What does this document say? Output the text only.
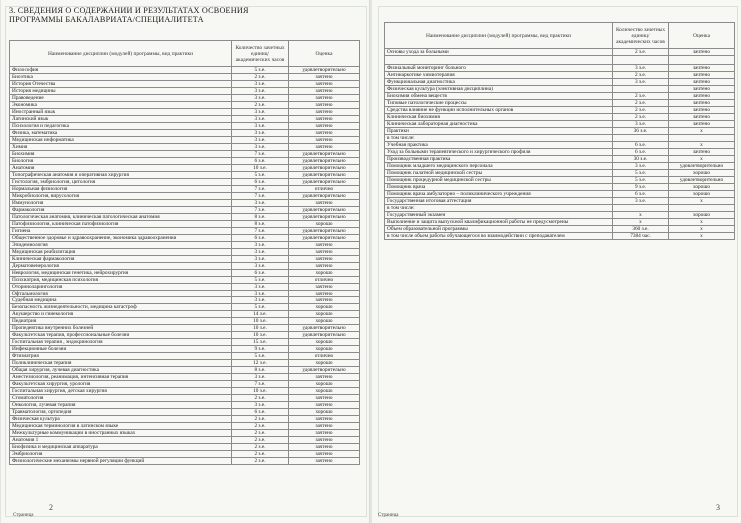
3. СВЕДЕНИЯ О СОДЕРЖАНИИ И РЕЗУЛЬТАТАХ ОСВОЕНИЯ
ПРОГРАММЫ БАКАЛАВРИАТА/СПЕЦИАЛИТЕТА
Наименование дисциплин (модулей) программы, вид практики	Количество зачетных единиц/ академических часов	Оценка
Философия	5 з.е.	удовлетворительно
Биоэтика	2 з.е.	зачтено
История Отечества	3 з.е.	зачтено
История медицины	3 з.е.	зачтено
Правоведение	3 з.е.	зачтено
Экономика	2 з.е.	зачтено
Иностранный язык	3 з.е.	зачтено
Латинский язык	3 з.е.	зачтено
Психология и педагогика	3 з.е.	зачтено
Физика, математика	3 з.е.	зачтено
Медицинская информатика	3 з.е.	зачтено
Химия	3 з.е.	зачтено
Биохимия	7 з.е.	удовлетворительно
Биология	6 з.е.	удовлетворительно
Анатомия	10 з.е.	удовлетворительно
Топографическая анатомия и оперативная хирургия	5 з.е.	удовлетворительно
Гистология, эмбриология, цитология	6 з.е.	удовлетворительно
Нормальная физиология	7 з.е.	отлично
Микробиология, вирусология	7 з.е.	удовлетворительно
Иммунология	3 з.е.	зачтено
Фармакология	7 з.е.	удовлетворительно
Патологическая анатомия, клиническая патологическая анатомия	8 з.е.	удовлетворительно
Патофизиология, клиническая патофизиология	8 з.е.	хорошо
Гигиена	7 з.е.	удовлетворительно
Общественное здоровье и здравоохранение, экономика здравоохранения	6 з.е.	удовлетворительно
Эпидемиология	3 з.е.	зачтено
Медицинская реабилитация	3 з.е.	зачтено
Клиническая фармакология	3 з.е.	зачтено
Дерматовенерология	3 з.е.	зачтено
Неврология, медицинская генетика, нейрохирургия	6 з.е.	хорошо
Психиатрия, медицинская психология	5 з.е.	отлично
Оториноларингология	3 з.е.	зачтено
Офтальмология	3 з.е.	зачтено
Судебная медицина	3 з.е.	зачтено
Безопасность жизнедеятельности, медицина катастроф	5 з.е.	хорошо
Акушерство и гинекология	14 з.е.	хорошо
Педиатрия	10 з.е.	хорошо
Пропедевтика внутренних болезней	10 з.е.	удовлетворительно
Факультетская терапия, профессиональные болезни	10 з.е.	удовлетворительно
Госпитальная терапия , эндокринология	15 з.е.	хорошо
Инфекционные болезни	9 з.е.	хорошо
Фтизиатрия	5 з.е.	отлично
Поликлиническая терапия	12 з.е.	хорошо
Общая хирургия, лучевая диагностика	8 з.е.	удовлетворительно
Анестезиология, реанимация, интенсивная терапия	3 з.е.	зачтено
Факультетская хирургия, урология	7 з.е.	хорошо
Госпитальная хирургия, детская хирургия	10 з.е.	хорошо
Стоматология	2 з.е.	зачтено
Онкология, лучевая терапия	3 з.е.	зачтено
Травматология, ортопедия	6 з.е.	хорошо
Физическая культура	2 з.е.	зачтено
Медицинская терминология в латинском языке	2 з.е.	зачтено
Межкультурные коммуникации в иностранных языках	2 з.е.	зачтено
Анатомия 1	2 з.е.	зачтено
Биофизика и медицинская аппаратура	2 з.е.	зачтено
Эмбриология	2 з.е.	зачтено
Физиологические механизмы нервной регуляции функций	2 з.е.	зачтено
Страница
2
Наименование дисциплин (модулей) программы, вид практики	Количество зачетных единиц/ академических часов	Оценка
Основы ухода за больными	2 з.е.	зачтено

Физиальный мониторинг больного	3 з.е.	зачтено
Антинаркотике химиотерапия	2 з.е.	зачтено
Функциональная диагностика	3 з.е.	зачтено
Физическая культура (элективная дисциплина)		зачтено
Биохимия обмена веществ	2 з.е.	зачтено
Типовые патологические процессы	2 з.е.	зачтено
Средства влияние не функции исполнительных органов	2 з.е.	зачтено
Клиническая биохимия	2 з.е.	зачтено
Клиническая лабораторная диагностика	3 з.е.	зачтено
Практики	36 з.е.	x
в том числе:		
Учебная практика	6 з.е.	x
Уход за больными терапевтического и хирургического профиля	6 з.е.	зачтено
Производственная практика	30 з.е.	x
Помощник младшего медицинского персонала	3 з.е.	удовлетворительно
Помощник палатной медицинской сестры	5 з.е.	хорошо
Помощник процедурной медицинской сестры	5 з.е.	удовлетворительно
Помощник врача	9 з.е.	хорошо
Помощник врача амбулаторно – поликлинического учреждения	6 з.е.	хорошо
Государственная итоговая аттестация	3 з.е.	x
в том числе:		
Государственный экзамен	x	хорошо
Выполнение и защита выпускной квалификационной работы не предусмотрены	x	x
Объем образовательной программы	360 з.е.	x
в том числе объем работы обучающегося во взаимодействии с преподавателем	7384 час.	x
Страница
3
